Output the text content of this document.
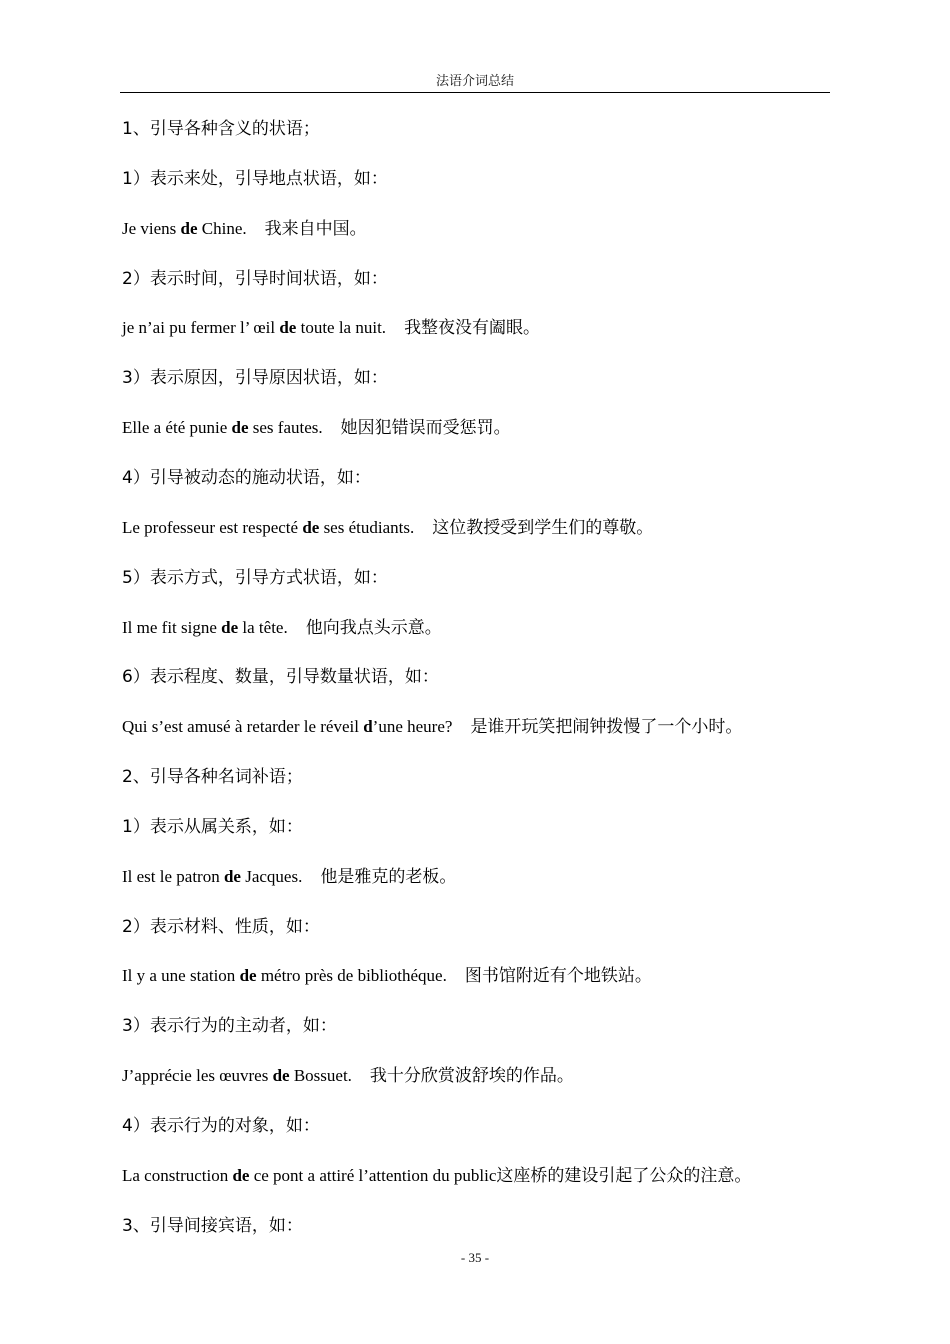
法语介词总结
1、引导各种含义的状语；
1）表示来处，引导地点状语，如：
Je viens de Chine. 我来自中国。
2）表示时间，引导时间状语，如：
je n’ai pu fermer l’ œil de toute la nuit. 我整夜没有阖眼。
3）表示原因，引导原因状语，如：
Elle a été punie de ses fautes. 她因犯错误而受惩罚。
4）引导被动态的施动状语，如：
Le professeur est respecté de ses étudiants. 这位教授受到学生们的尊敬。
5）表示方式，引导方式状语，如：
Il me fit signe de la tête. 他向我点头示意。
6）表示程度、数量，引导数量状语，如：
Qui s’est amusé à retarder le réveil d’une heure? 是谁开玩笑把闹钟拨慢了一个小时。
2、引导各种名词补语；
1）表示从属关系，如：
Il est le patron de Jacques. 他是雅克的老板。
2）表示材料、性质，如：
Il y a une station de métro près de bibliothéque. 图书馆附近有个地铁站。
3）表示行为的主动者，如：
J’apprécie les œuvres de Bossuet. 我十分欣赏波舒埃的作品。
4）表示行为的对象，如：
La construction de ce pont a attiré l’attention du public这座桥的建设引起了公众的注意。
3、引导间接宾语，如：
- 35 -
